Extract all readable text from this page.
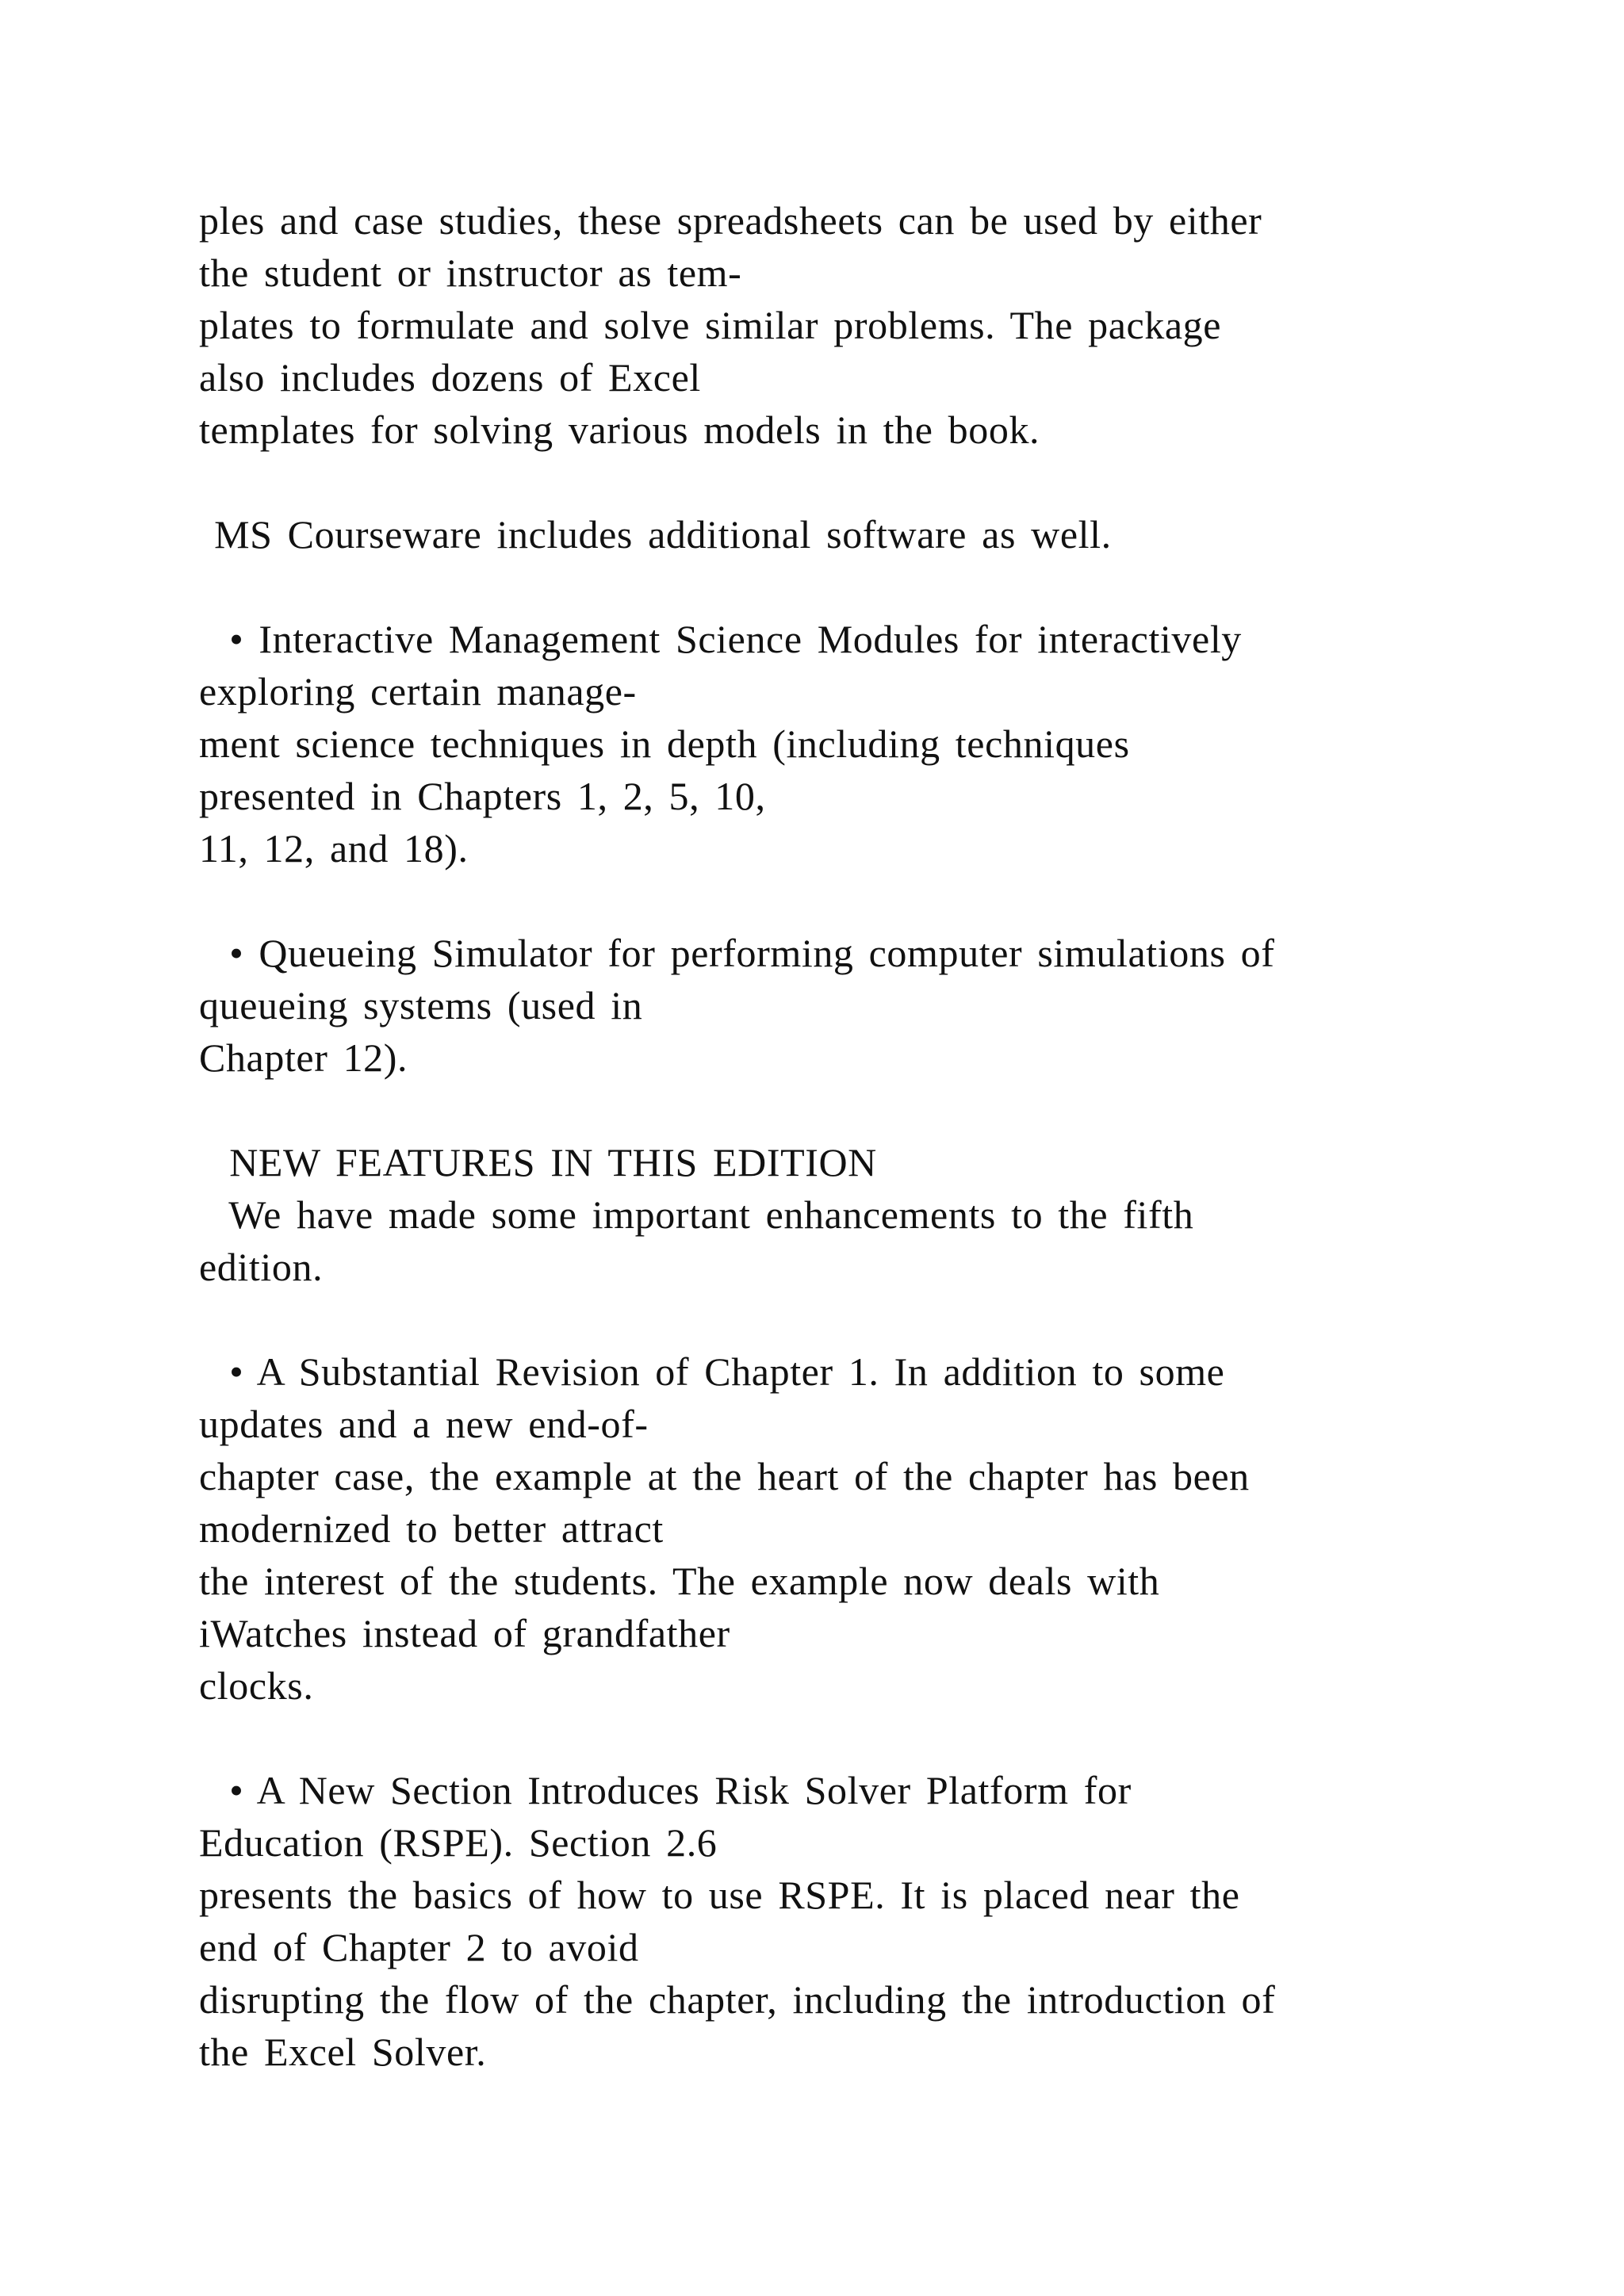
ples and case studies, these spreadsheets can be used by either

the student or instructor as tem-

plates to formulate and solve similar problems. The package

also includes dozens of Excel

templates for solving various models in the book.

MS Courseware includes additional software as well.

• Interactive Management Science Modules for interactively

exploring certain manage-

ment science techniques in depth (including techniques

presented in Chapters 1, 2, 5, 10,

11, 12, and 18).

• Queueing Simulator for performing computer simulations of

queueing systems (used in

Chapter 12).

NEW FEATURES IN THIS EDITION

We have made some important enhancements to the fifth

edition.

• A Substantial Revision of Chapter 1. In addition to some

updates and a new end-of-

chapter case, the example at the heart of the chapter has been

modernized to better attract

the interest of the students. The example now deals with

iWatches instead of grandfather

clocks.

• A New Section Introduces Risk Solver Platform for

Education (RSPE). Section 2.6

presents the basics of how to use RSPE. It is placed near the

end of Chapter 2 to avoid

disrupting the flow of the chapter, including the introduction of

the Excel Solver.
